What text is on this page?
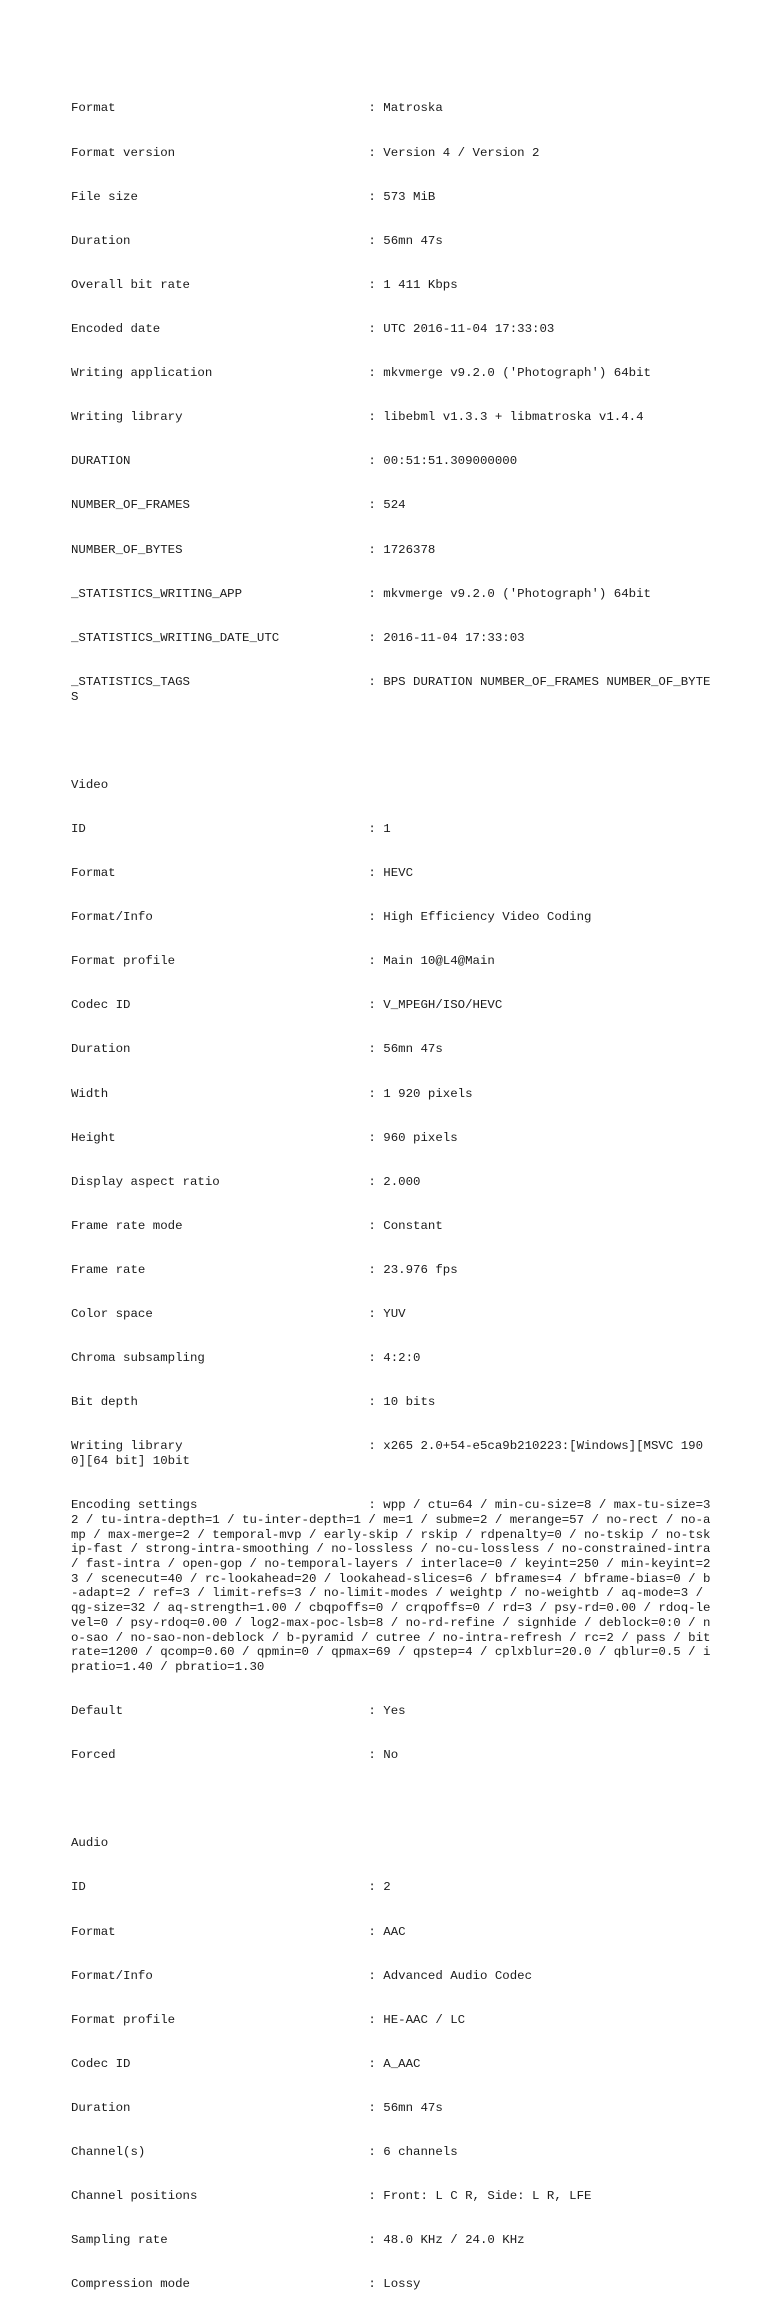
Format                                  : Matroska

Format version                          : Version 4 / Version 2

File size                               : 573 MiB

Duration                                : 56mn 47s

Overall bit rate                        : 1 411 Kbps

Encoded date                            : UTC 2016-11-04 17:33:03

Writing application                     : mkvmerge v9.2.0 ('Photograph') 64bit

Writing library                         : libebml v1.3.3 + libmatroska v1.4.4

DURATION                                : 00:51:51.309000000

NUMBER_OF_FRAMES                        : 524

NUMBER_OF_BYTES                         : 1726378

_STATISTICS_WRITING_APP                 : mkvmerge v9.2.0 ('Photograph') 64bit

_STATISTICS_WRITING_DATE_UTC            : 2016-11-04 17:33:03

_STATISTICS_TAGS                        : BPS DURATION NUMBER_OF_FRAMES NUMBER_OF_BYTES

Video

ID                                      : 1

Format                                  : HEVC

Format/Info                             : High Efficiency Video Coding

Format profile                          : Main 10@L4@Main

Codec ID                                : V_MPEGH/ISO/HEVC

Duration                                : 56mn 47s

Width                                   : 1 920 pixels

Height                                  : 960 pixels

Display aspect ratio                    : 2.000

Frame rate mode                         : Constant

Frame rate                              : 23.976 fps

Color space                             : YUV

Chroma subsampling                      : 4:2:0

Bit depth                               : 10 bits

Writing library                         : x265 2.0+54-e5ca9b210223:[Windows][MSVC 1900][64 bit] 10bit

Encoding settings                       : wpp / ctu=64 / min-cu-size=8 / max-tu-size=32 / tu-intra-depth=1 / tu-inter-depth=1 / me=1 / subme=2 / merange=57 / no-rect / no-amp / max-merge=2 / temporal-mvp / early-skip / rskip / rdpenalty=0 / no-tskip / no-tskip-fast / strong-intra-smoothing / no-lossless / no-cu-lossless / no-constrained-intra / fast-intra / open-gop / no-temporal-layers / interlace=0 / keyint=250 / min-keyint=23 / scenecut=40 / rc-lookahead=20 / lookahead-slices=6 / bframes=4 / bframe-bias=0 / b-adapt=2 / ref=3 / limit-refs=3 / no-limit-modes / weightp / no-weightb / aq-mode=3 / qg-size=32 / aq-strength=1.00 / cbqpoffs=0 / crqpoffs=0 / rd=3 / psy-rd=0.00 / rdoq-level=0 / psy-rdoq=0.00 / log2-max-poc-lsb=8 / no-rd-refine / signhide / deblock=0:0 / no-sao / no-sao-non-deblock / b-pyramid / cutree / no-intra-refresh / rc=2 / pass / bitrate=1200 / qcomp=0.60 / qpmin=0 / qpmax=69 / qpstep=4 / cplxblur=20.0 / qblur=0.5 / ipratio=1.40 / pbratio=1.30

Default                                 : Yes

Forced                                  : No

Audio

ID                                      : 2

Format                                  : AAC

Format/Info                             : Advanced Audio Codec

Format profile                          : HE-AAC / LC

Codec ID                                : A_AAC

Duration                                : 56mn 47s

Channel(s)                              : 6 channels

Channel positions                       : Front: L C R, Side: L R, LFE

Sampling rate                           : 48.0 KHz / 24.0 KHz

Compression mode                        : Lossy
